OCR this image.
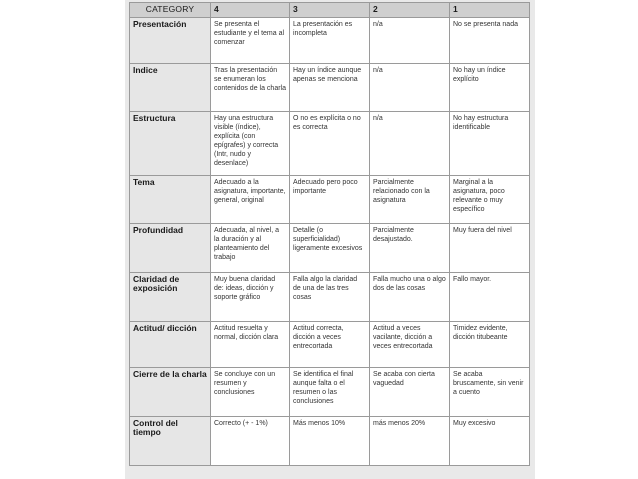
CATEGORY	4	3	2	1
Presentación	Se presenta el estudiante y el tema al comenzar	La presentación es incompleta	n/a	No se presenta nada
Indice	Tras la presentación se enumeran los contenidos de la charla	Hay un índice aunque apenas se menciona	n/a	No hay un índice explícito
Estructura	Hay una estructura visible (índice), explícita (con epígrafes) y correcta (Intr, nudo y desenlace)	O no es explícita o no es correcta	n/a	No hay estructura identificable
Tema	Adecuado a la asignatura, importante, general, original	Adecuado pero poco importante	Parcialmente relacionado con la asignatura	Marginal a la asignatura, poco relevante o muy específico
Profundidad	Adecuada, al nivel, a la duración y al planteamiento del trabajo	Detalle (o superficialidad) ligeramente excesivos	Parcialmente desajustado.	Muy fuera del nivel
Claridad de exposición	Muy buena claridad de: ideas, dicción y soporte gráfico	Falla algo la claridad de una de las tres cosas	Falla mucho una o algo dos de las cosas	Fallo mayor.
Actitud/ dicción	Actitud resuelta y normal, dicción clara	Actitud correcta, dicción a veces entrecortada	Actitud a veces vacilante, dicción a veces entrecortada	Timidez evidente, dicción titubeante
Cierre de la charla	Se concluye con un resumen y conclusiones	Se identifica el final aunque falta o el resumen o las conclusiones	Se acaba con cierta vaguedad	Se acaba bruscamente, sin venir a cuento
Control del tiempo	Correcto (+ - 1%)	Más menos 10%	más menos 20%	Muy excesivo
